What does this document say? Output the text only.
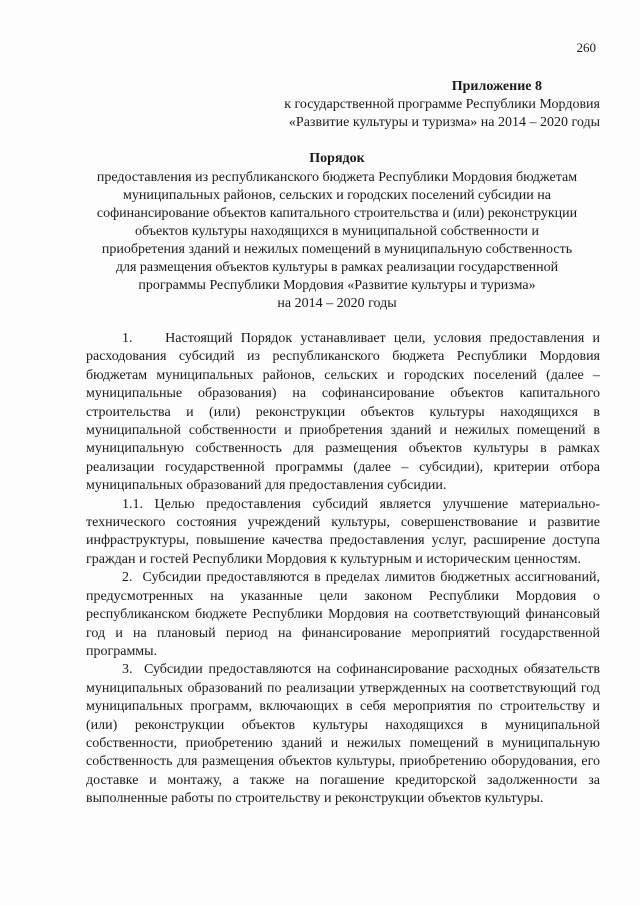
260
Приложение 8
к государственной программе Республики Мордовия
«Развитие культуры и туризма» на 2014 – 2020 годы
Порядок
предоставления из республиканского бюджета Республики Мордовия бюджетам
муниципальных районов, сельских и городских поселений субсидии на
софинансирование объектов капитального строительства и (или) реконструкции
объектов культуры находящихся в муниципальной собственности и
приобретения зданий и нежилых помещений в муниципальную собственность
для размещения объектов культуры в рамках реализации государственной
программы Республики Мордовия «Развитие культуры и туризма»
на 2014 – 2020 годы

1.    Настоящий Порядок устанавливает цели, условия предоставления и расходования субсидий из республиканского бюджета Республики Мордовия бюджетам муниципальных районов, сельских и городских поселений (далее – муниципальные образования) на софинансирование объектов капитального строительства и (или) реконструкции объектов культуры находящихся в муниципальной собственности и приобретения зданий и нежилых помещений в муниципальную собственность для размещения объектов культуры в рамках реализации государственной программы (далее – субсидии), критерии отбора муниципальных образований для предоставления субсидии.

1.1. Целью предоставления субсидий является улучшение материально-технического состояния учреждений культуры, совершенствование и развитие инфраструктуры, повышение качества предоставления услуг, расширение доступа граждан и гостей Республики Мордовия к культурным и историческим ценностям.

2.  Субсидии предоставляются в пределах лимитов бюджетных ассигнований, предусмотренных на указанные цели законом Республики Мордовия о республиканском бюджете Республики Мордовия на соответствующий финансовый год и на плановый период на финансирование мероприятий государственной программы.

3.  Субсидии предоставляются на софинансирование расходных обязательств муниципальных образований по реализации утвержденных на соответствующий год муниципальных программ, включающих в себя мероприятия по строительству и (или) реконструкции объектов культуры находящихся в муниципальной собственности, приобретению зданий и нежилых помещений в муниципальную собственность для размещения объектов культуры, приобретению оборудования, его доставке и монтажу, а также на погашение кредиторской задолженности за выполненные работы по строительству и реконструкции объектов культуры.
